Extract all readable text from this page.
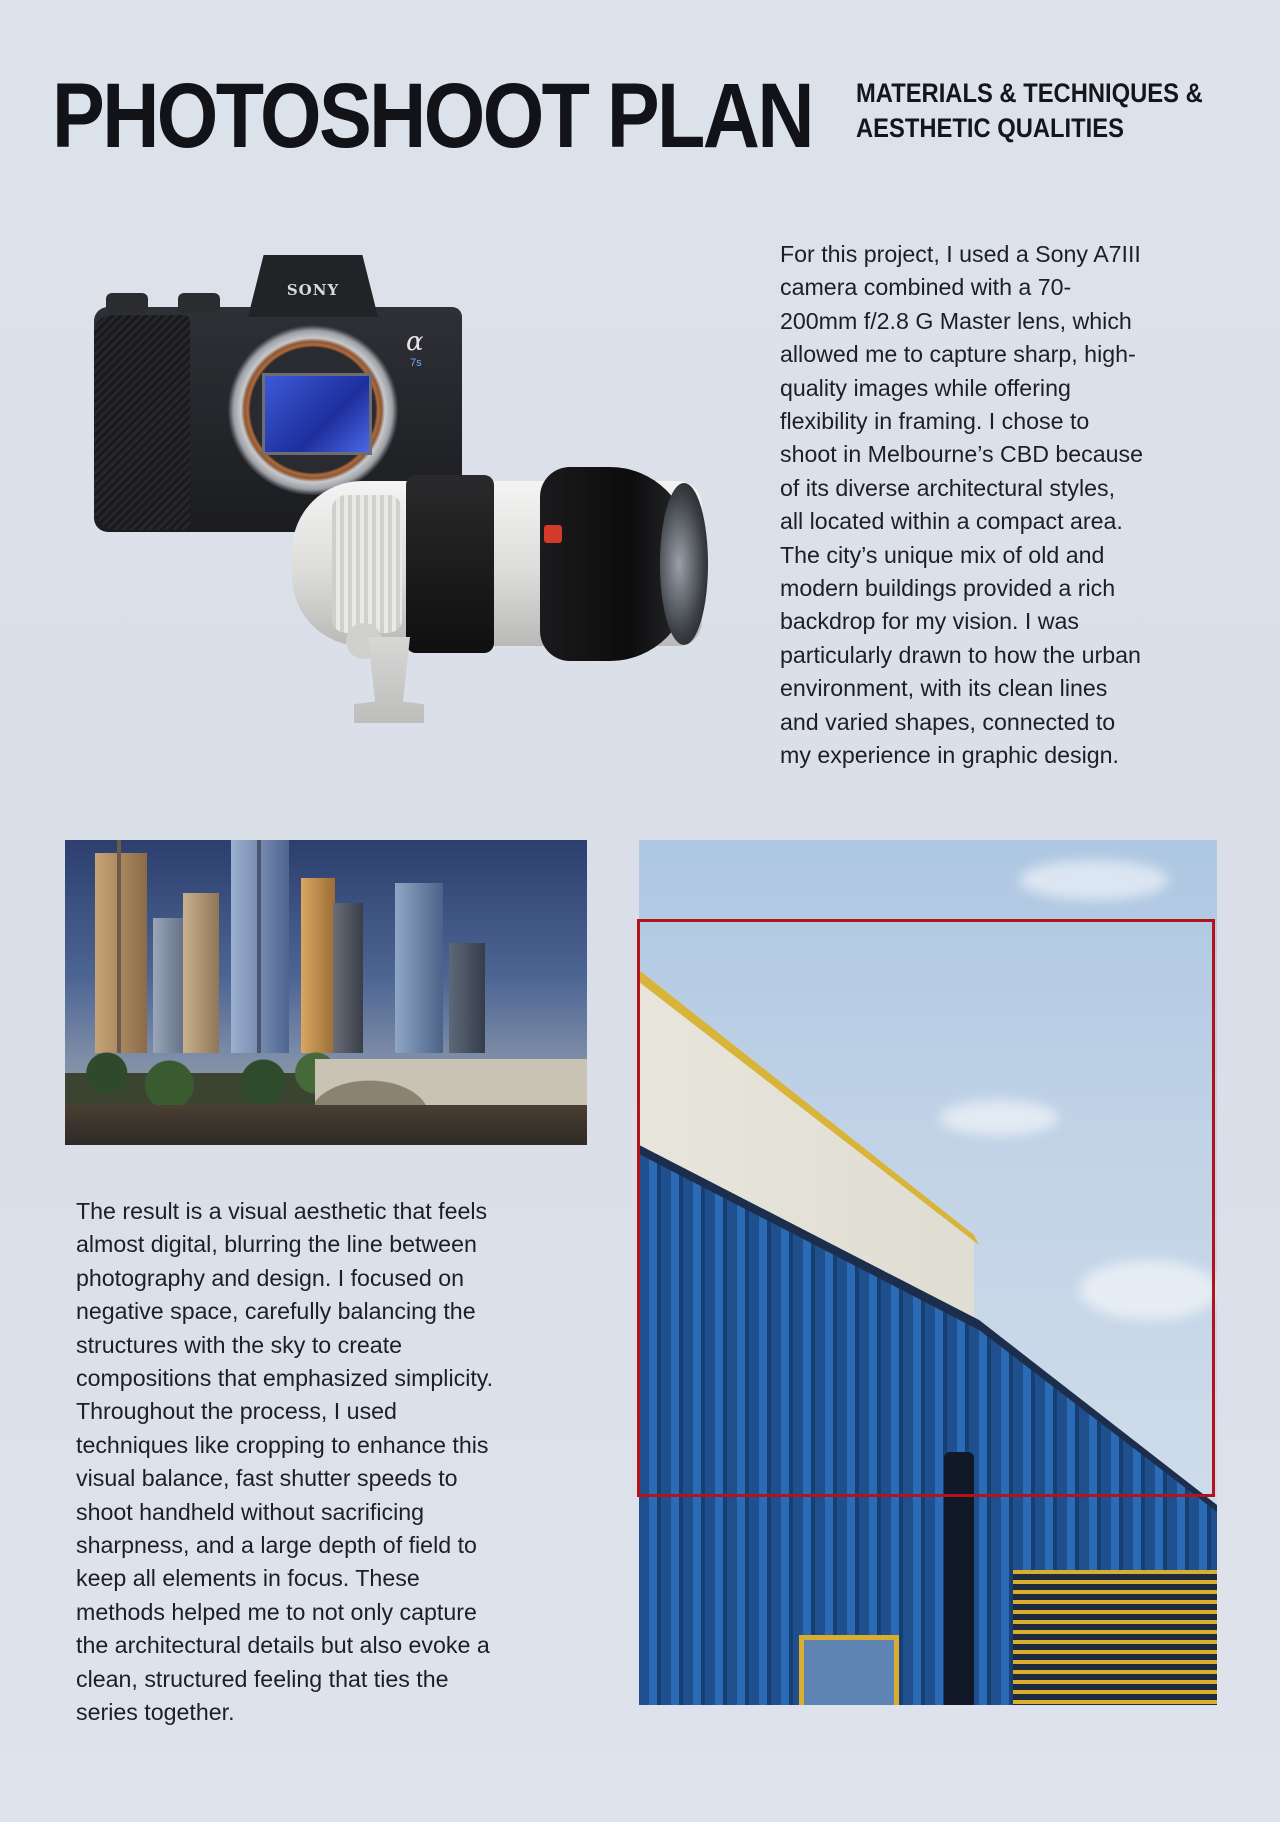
PHOTOSHOOT PLAN MATERIALS & TECHNIQUES &
AESTHETIC QUALITIES
SONY
α
7s

For this project, I used a Sony A7III
camera combined with a 70-
200mm f/2.8 G Master lens, which
allowed me to capture sharp, high-
quality images while offering
flexibility in framing. I chose to
shoot in Melbourne’s CBD because
of its diverse architectural styles,
all located within a compact area.
The city’s unique mix of old and
modern buildings provided a rich
backdrop for my vision. I was
particularly drawn to how the urban
environment, with its clean lines
and varied shapes, connected to
my experience in graphic design.

The result is a visual aesthetic that feels
almost digital, blurring the line between
photography and design. I focused on
negative space, carefully balancing the
structures with the sky to create
compositions that emphasized simplicity.
Throughout the process, I used
techniques like cropping to enhance this
visual balance, fast shutter speeds to
shoot handheld without sacrificing
sharpness, and a large depth of field to
keep all elements in focus. These
methods helped me to not only capture
the architectural details but also evoke a
clean, structured feeling that ties the
series together.
